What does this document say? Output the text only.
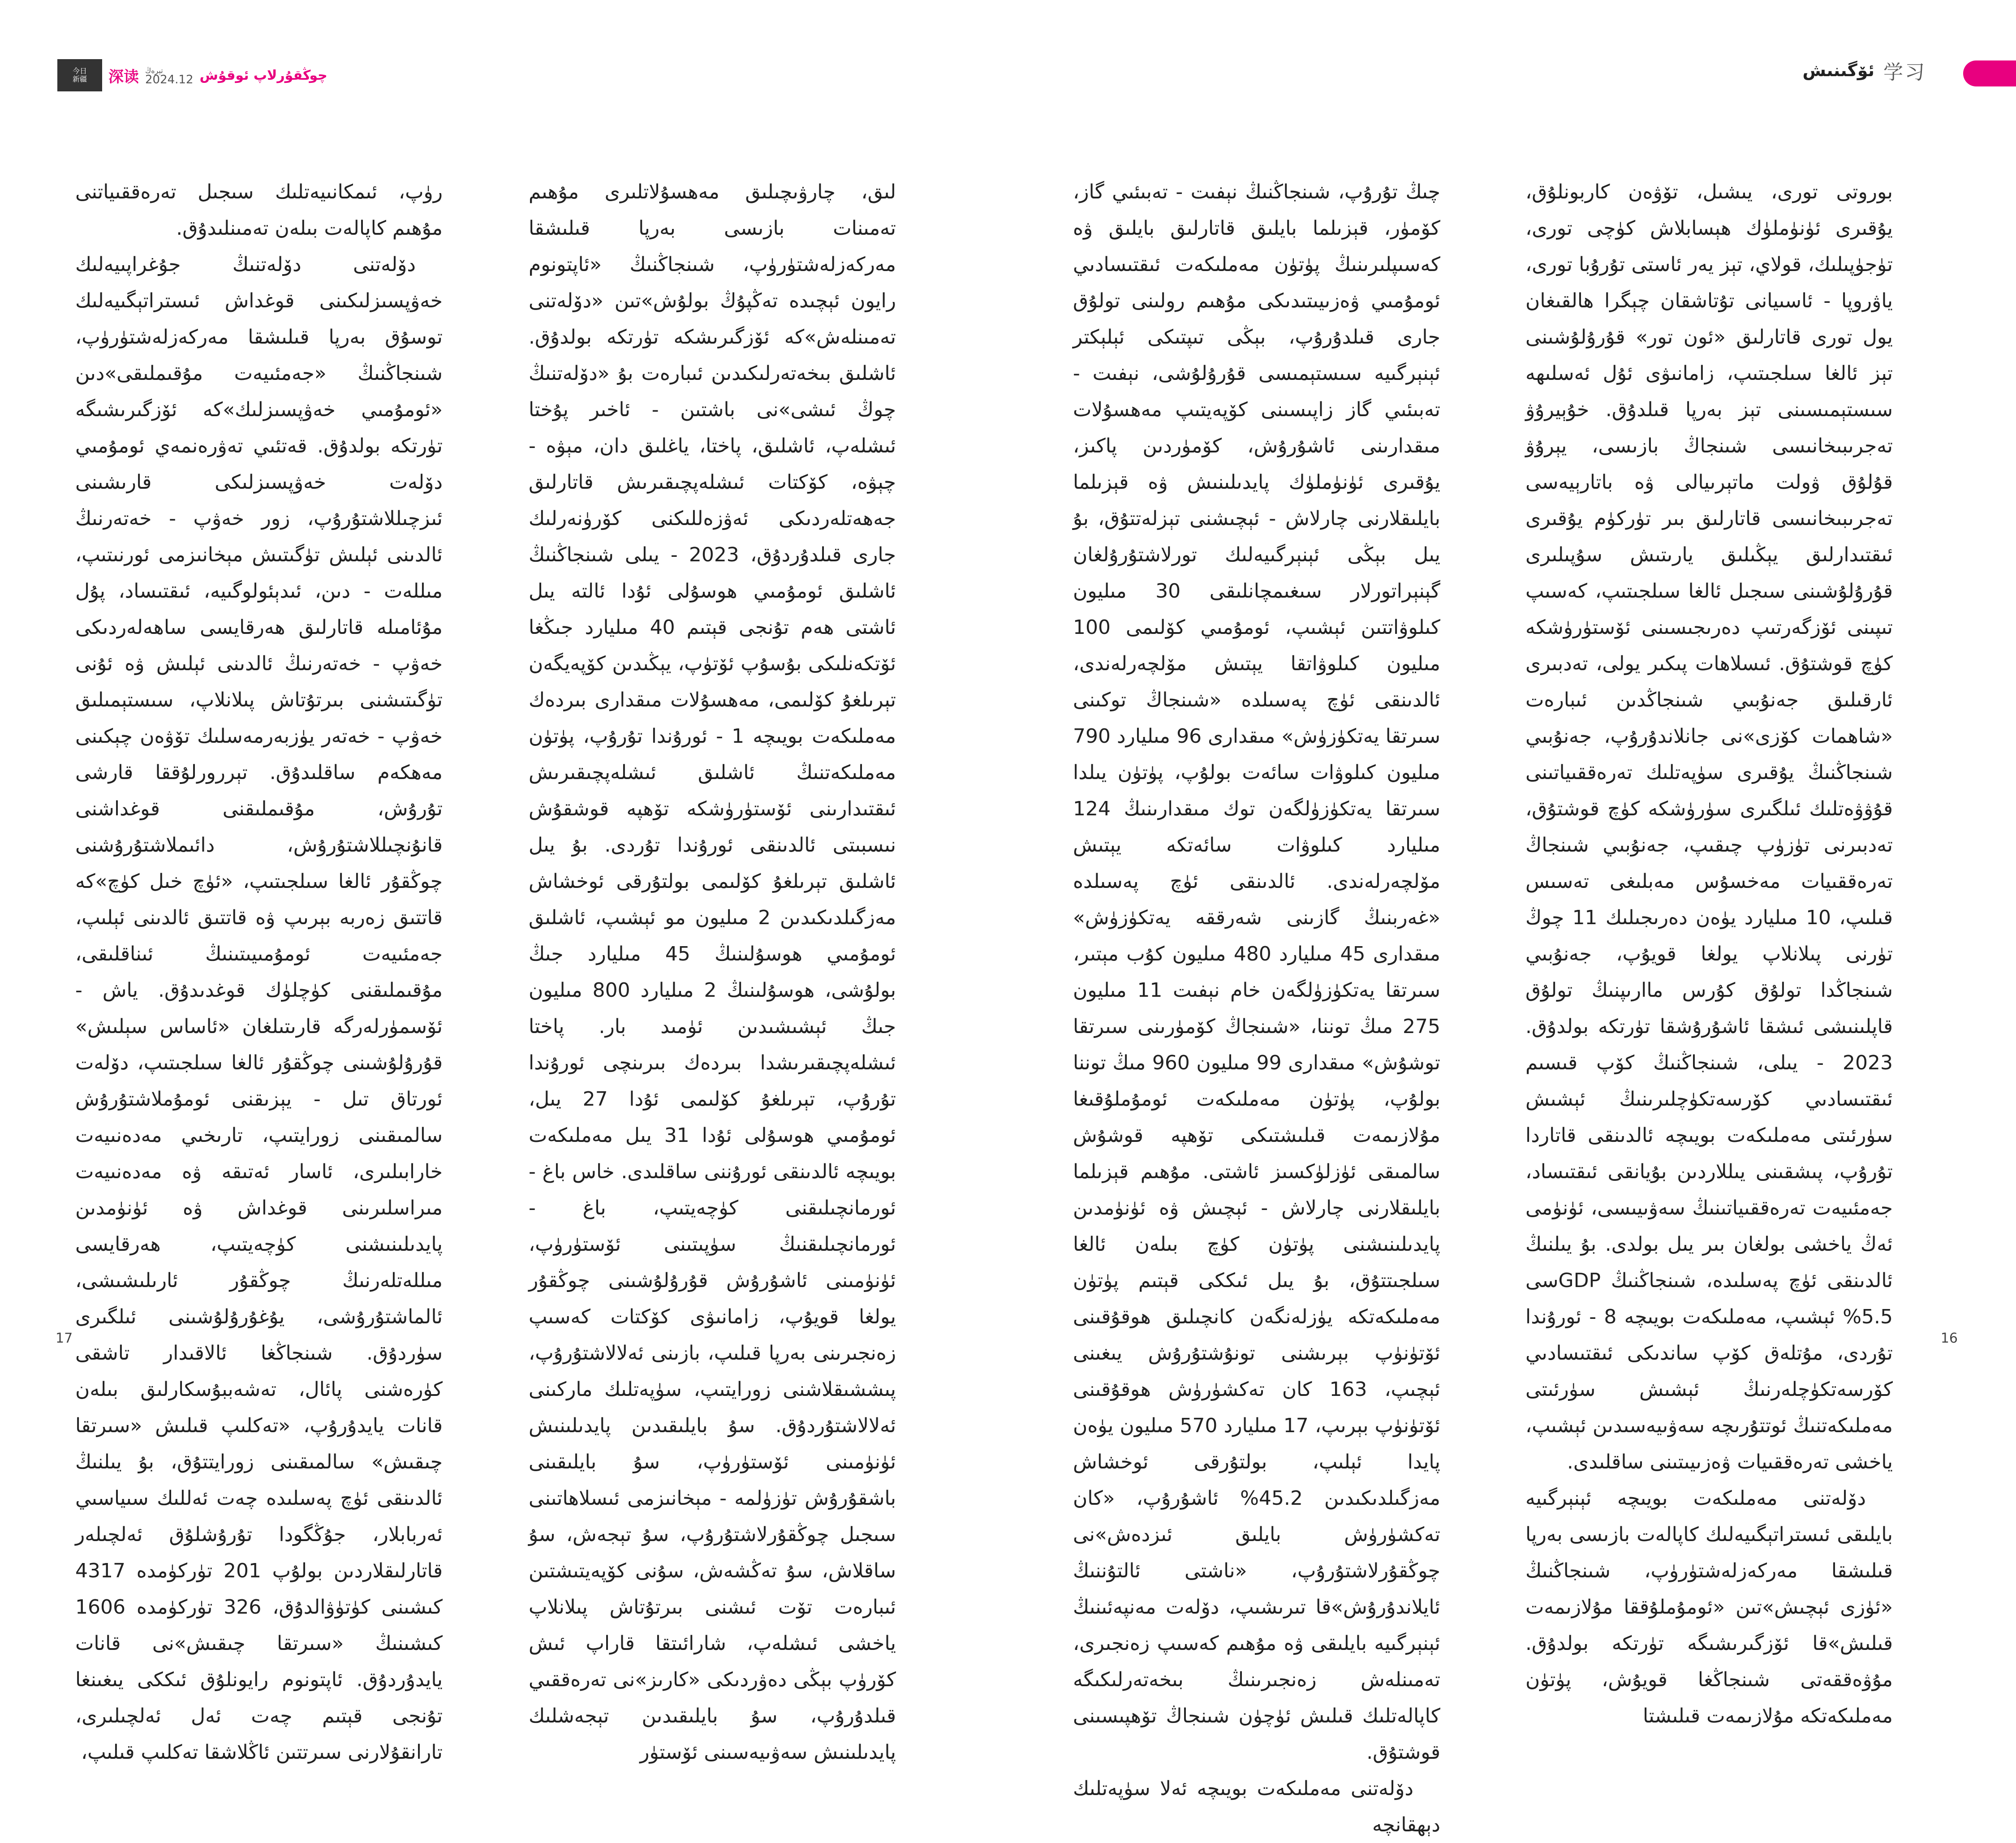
今日
新疆 深读 تېرەڭ
2024.12 چوڭقۇرلاپ ئوقۇش	ئۆگىنىش 学习

بوروتى تورى، يىشىل، تۆۋەن كاربونلۇق، يۇقىرى ئۈنۈملۈك ھېسابلاش كۈچى تورى، تۈجۈپىلىك، قولاي، تېز يەر ئاستى تۇرۇبا تورى، ياۋروپا - ئاسىيانى تۇتاشقان چېگرا ھالقىغان يول تورى قاتارلىق «ئون تور» قۇرۇلۇشىنى تېز ئالغا سىلجىتىپ، زامانىۋى ئۇل ئەسلىھە سىستېمىسىنى تېز بەرپا قىلدۇق. خۇېيرۇۋ تەجرىبىخانىسى شىنجاڭ بازىسى، يېرۇۋ قۇلۇق ۋولت ماتېرىيالى ۋە باتارېيەسى تەجرىبىخانىسى قاتارلىق بىر تۈركۈم يۇقىرى ئىقتىدارلىق يېڭىلىق يارىتىش سۇپىلىرى قۇرۇلۇشىنى سىجىل ئالغا سىلجىتىپ، كەسىپ تىپىنى ئۆزگەرتىپ دەرىجىسىنى ئۆستۈرۈشكە كۈچ قوشتۇق. ئىسلاھات پىكىر يولى، تەدبىرى ئارقىلىق جەنۇبىي شىنجاڭدىن ئىبارەت «شاھمات كۆزى»نى جانلاندۇرۇپ، جەنۇبىي شىنجاڭنىڭ يۇقىرى سۈپەتلىك تەرەققىياتىنى قۇۋۋەتلىك ئىلگىرى سۈرۈشكە كۈچ قوشتۇق، تەدبىرنى تۈزۈپ چىقىپ، جەنۇبىي شىنجاڭ تەرەققىيات مەخسۇس مەبلىغى تەسىس قىلىپ، 10 مىليارد يۈەن دەرىجىلىك 11 چوڭ تۈرنى پىلانلاپ يولغا قويۇپ، جەنۇبىي شىنجاڭدا تولۇق كۇرس ماارىپنىڭ تولۇق قاپلىنىشى ئىشقا ئاشۇرۇشقا تۈرتكە بولدۇق. 2023 - يىلى، شىنجاڭنىڭ كۆپ قىسىم ئىقتىسادىي كۆرسەتكۈچلىرىنىڭ ئېشىش سۈرئىتى مەملىكەت بويىچە ئالدىنقى قاتاردا تۇرۇپ، پىشقىنى يىللاردىن بۇيانقى ئىقتىساد، جەمئىيەت تەرەققىياتىنىڭ سەۋىيىسى، ئۈنۈمى ئەڭ ياخشى بولغان بىر يىل بولدى. بۇ يىلنىڭ ئالدىنقى ئۈچ پەسلىدە، شىنجاڭنىڭ GDPسى 5.5% ئېشىپ، مەملىكەت بويىچە 8 - ئورۇندا تۇردى، مۇتلەق كۆپ ساندىكى ئىقتىسادىي كۆرسەتكۈچلەرنىڭ ئېشىش سۈرئىتى مەملىكەتنىڭ ئوتتۇرىچە سەۋىيەسىدىن ئېشىپ، ياخشى تەرەققىيات ۋەزىيىتىنى ساقلىدى.

دۆلەتنى مەملىكەت بويىچە ئېنېرگىيە بايلىقى ئىستراتېگىيەلىك كاپالەت بازىسى بەرپا قىلىشقا مەركەزلەشتۈرۈپ، شىنجاڭنىڭ «ئۈزى ئېچىش»تىن «ئومۇملۇققا مۇلازىمەت قىلىش»قا ئۆزگىرىشىگە تۈرتكە بولدۇق. مۇۋەققەتى شىنجاڭغا قويۇش، پۈتۈن مەملىكەتكە مۇلازىمەت قىلىشتا

چىڭ تۇرۇپ، شىنجاڭنىڭ نېفىت - تەبىئىي گاز، كۆمۈر، قېزىلما بايلىق قاتارلىق بايلىق ۋە كەسىپلىرىنىڭ پۈتۈن مەملىكەت ئىقتىسادىي ئومۇمىي ۋەزىيىتىدىكى مۇھىم رولىنى تولۇق جارى قىلدۇرۇپ، بېڭى تىپتىكى ئېلېكتر ئېنېرگىيە سىستېمىسى قۇرۇلۇشى، نېفىت - تەبىئىي گاز زاپىسىنى كۆپەيتىپ مەھسۇلات مىقدارىنى ئاشۇرۇش، كۆمۈردىن پاكىز، يۇقىرى ئۈنۈملۈك پايدىلىنىش ۋە قېزىلما بايلىقلارنى چارلاش - ئېچىشنى تېزلەتتۇق، بۇ يىل بېڭى ئېنېرگىيەلىك تورلاشتۇرۇلغان گېنېراتورلار سىغىمچانلىقى 30 مىليون كىلوۋاتتىن ئېشىپ، ئومۇمىي كۆلىمى 100 مىليون كىلوۋاتقا يېتىش مۆلچەرلەندى، ئالدىنقى ئۈچ پەسىلدە «شىنجاڭ توكىنى سىرتقا يەتكۈزۈش» مىقدارى 96 مىليارد 790 مىليون كىلوۋات سائەت بولۇپ، پۈتۈن يىلدا سىرتقا يەتكۈزۈلگەن توك مىقدارىنىڭ 124 مىليارد كىلوۋات سائەتكە يېتىش مۆلچەرلەندى. ئالدىنقى ئۈچ پەسىلدە «غەربنىڭ گازىنى شەرققە يەتكۈزۈش» مىقدارى 45 مىليارد 480 مىليون كۇب مېتىر، سىرتقا يەتكۈزۈلگەن خام نېفىت 11 مىليون 275 مىڭ توننا، «شىنجاڭ كۆمۈرىنى سىرتقا توشۇش» مىقدارى 99 مىليون 960 مىڭ توننا بولۇپ، پۈتۈن مەملىكەت ئومۇملۇقىغا مۇلازىمەت قىلىشتىكى تۆھپە قوشۇش سالمىقى ئۈزلۈكسىز ئاشتى. مۇھىم قېزىلما بايلىقلارنى چارلاش - ئېچىش ۋە ئۈنۈمدىن پايدىلىنىشنى پۈتۈن كۈچ بىلەن ئالغا سىلجىتتۇق، بۇ يىل ئىككى قېتىم پۈتۈن مەملىكەتكە يۈزلەنگەن كانچىلىق ھوقۇقىنى ئۆتۈنۈپ بېرىشنى تونۇشتۇرۇش يىغىنى ئېچىپ، 163 كان تەكشۈرۈش ھوقۇقىنى ئۆتۈنۈپ بېرىپ، 17 مىليارد 570 مىليون يۈەن پايدا ئېلىپ، بولتۇرقى ئوخشاش مەزگىلدىكىدىن 45.2% ئاشۇرۇپ، «كان تەكشۈرۈش بايلىق ئىزدەش»نى چوڭقۇرلاشتۇرۇپ، «ناشتى ئالتۇننىڭ ئايلاندۇرۇش»قا تىرىشىپ، دۆلەت مەنپەئىنىڭ ئېنېرگىيە بايلىقى ۋە مۇھىم كەسىپ زەنجىرى، تەمىنلەش زەنجىرىنىڭ بىخەتەرلىكىگە كاپالەتلىك قىلىش ئۈچۈن شىنجاڭ تۆھپىسىنى قوشتۇق.

دۆلەتنى مەملىكەت بويىچە ئەلا سۈپەتلىك دېھقانچە

لىق، چارۋىچىلىق مەھسۇلاتلىرى مۇھىم تەمىنات بازىسى بەرپا قىلىشقا مەركەزلەشتۈرۈپ، شىنجاڭنىڭ «ئاپتونوم رايون ئېچىدە تەڭپۇڭ بولۇش»تىن «دۆلەتنى تەمىنلەش»كە ئۆزگىرىشكە تۈرتكە بولدۇق. ئاشلىق بىخەتەرلىكىدىن ئىبارەت بۇ «دۆلەتنىڭ چوڭ ئىشى»نى باشتىن - ئاخىر پۇختا ئىشلەپ، ئاشلىق، پاختا، ياغلىق دان، مېۋە - چېۋە، كۆكتات ئىشلەپچىقىرىش قاتارلىق جەھەتلەردىكى ئەۋزەللىكنى كۆرۈنەرلىك جارى قىلدۇردۇق، 2023 - يىلى شىنجاڭنىڭ ئاشلىق ئومۇمىي ھوسۇلى ئۇدا ئالتە يىل ئاشتى ھەم تۇنجى قېتىم 40 مىليارد جىڭغا ئۆتكەنلىكى بۇسۇپ ئۆتۈپ، يېڭىدىن كۆپەيگەن تېرىلغۇ كۆلىمى، مەھسۇلات مىقدارى بىردەك مەملىكەت بويىچە 1 - ئورۇندا تۇرۇپ، پۈتۈن مەملىكەتنىڭ ئاشلىق ئىشلەپچىقىرىش ئىقتىدارىنى ئۆستۈرۈشكە تۆھپە قوشقۇش نىسبىتى ئالدىنقى ئورۇندا تۇردى. بۇ يىل ئاشلىق تېرىلغۇ كۆلىمى بولتۇرقى ئوخشاش مەزگىلدىكىدىن 2 مىليون مو ئېشىپ، ئاشلىق ئومۇمىي ھوسۇلىنىڭ 45 مىليارد جىڭ بولۇشى، ھوسۇلىنىڭ 2 مىليارد 800 مىليون جىڭ ئېشىشىدىن ئۈمىد بار. پاختا ئىشلەپچىقىرىشدا بىردەك بىرىنچى ئورۇندا تۇرۇپ، تېرىلغۇ كۆلىمى ئۇدا 27 يىل، ئومۇمىي ھوسۇلى ئۇدا 31 يىل مەملىكەت بويىچە ئالدىنقى ئورۇننى ساقلىدى. خاس باغ - ئورمانچىلىقنى كۈچەيتىپ، باغ - ئورمانچىلىقنىڭ سۈپىتىنى ئۆستۈرۈپ، ئۈنۈمىنى ئاشۇرۇش قۇرۇلۇشىنى چوڭقۇر يولغا قويۇپ، زامانىۋى كۆكتات كەسىپ زەنجىرىنى بەرپا قىلىپ، بازىنى ئەلالاشتۇرۇپ، پىششىقلاشنى زورايتىپ، سۈپەتلىك ماركىنى ئەلالاشتۇردۇق. سۇ بايلىقىدىن پايدىلىنىش ئۈنۈمىنى ئۆستۈرۈپ، سۇ بايلىقىنى باشقۇرۇش تۈزۈلمە - مېخانىزمى ئىسلاھاتىنى سىجىل چوڭقۇرلاشتۇرۇپ، سۇ تېجەش، سۇ ساقلاش، سۇ تەڭشەش، سۇنى كۆپەيتىشتىن ئىبارەت تۆت ئىشنى بىرتۇتاش پىلانلاپ ياخشى ئىشلەپ، شارائىتقا قاراپ ئىش كۆرۈپ بېڭى دەۋردىكى «كارىز»نى تەرەققىي قىلدۇرۇپ، سۇ بايلىقىدىن تېجەشلىك پايدىلىنىش سەۋىيەسىنى ئۆستۈر

رۈپ، ئىمكانىيەتلىك سىجىل تەرەققىياتنى مۇھىم كاپالەت بىلەن تەمىنلىدۇق.

دۆلەتنى دۆلەتنىڭ جۇغراپىيەلىك خەۋپسىزلىكىنى قوغداش ئىستراتېگىيەلىك توسۇق بەرپا قىلىشقا مەركەزلەشتۈرۈپ، شىنجاڭنىڭ «جەمئىيەت مۇقىملىقى»دىن «ئومۇمىي خەۋپسىزلىك»كە ئۆزگىرىشىگە تۈرتكە بولدۇق. قەتئىي تەۋرەنمەي ئومۇمىي دۆلەت خەۋپسىزلىكى قارىشىنى ئىزچىللاشتۇرۇپ، زور خەۋپ - خەتەرنىڭ ئالدىنى ئېلىش تۈگىتىش مېخانىزمى ئورنىتىپ، مىللەت - دىن، ئىدېئولوگىيە، ئىقتىساد، پۇل مۇئامىلە قاتارلىق ھەرقايسى ساھەلەردىكى خەۋپ - خەتەرنىڭ ئالدىنى ئېلىش ۋە ئۇنى تۈگىتىشنى بىرتۇتاش پىلانلاپ، سىستېمىلىق خەۋپ - خەتەر يۈزبەرمەسلىك تۆۋەن چېكىنى مەھكەم ساقلىدۇق. تېررورلۇققا قارشى تۇرۇش، مۇقىملىقنى قوغداشنى قانۇنچىللاشتۇرۇش، دائىملاشتۇرۇشنى چوڭقۇر ئالغا سىلجىتىپ، «ئۈچ خىل كۈچ»كە قاتتىق زەربە بېرىپ ۋە قاتتىق ئالدىنى ئېلىپ، جەمئىيەت ئومۇمىيىتىنىڭ ئىناقلىقى، مۇقىملىقنى كۈچلۈك قوغدىدۇق. ياش - ئۆسمۈرلەرگە قارىتىلغان «ئاساس سېلىش» قۇرۇلۇشىنى چوڭقۇر ئالغا سىلجىتىپ، دۆلەت ئورتاق تىل - يېزىقنى ئومۇملاشتۇرۇش سالمىقىنى زورايتىپ، تارىخىي مەدەنىيەت خارابىلىرى، ئاسار ئەتىقە ۋە مەدەنىيەت مىراسلىرىنى قوغداش ۋە ئۈنۈمدىن پايدىلىنىشنى كۈچەيتىپ، ھەرقايسى مىللەتلەرنىڭ چوڭقۇر ئارىلىشىشى، ئالماشتۇرۇشى، يۇغۇرۇلۇشىنى ئىلگىرى سۈردۇق. شىنجاڭغا ئالاقىدار تاشقى كۈرەشنى پائال، تەشەببۇسكارلىق بىلەن قانات يايدۇرۇپ، «تەكلىپ قىلىش «سىرتقا چىقىش» سالمىقىنى زورايتتۇق، بۇ يىلنىڭ ئالدىنقى ئۈچ پەسلىدە چەت ئەللىك سىياسىي ئەربابلار، جۇڭگودا تۇرۇشلۇق ئەلچىلەر قاتارلىقلاردىن بولۇپ 201 تۈركۈمدە 4317 كىشىنى كۈتۈۋالدۇق، 326 تۈركۈمدە 1606 كىشىنىڭ «سىرتقا چىقىش»نى قانات يايدۇردۇق. ئاپتونوم رايونلۇق ئىككى يىغىنغا تۇنجى قېتىم چەت ئەل ئەلچىلىرى، تارانقۇلارنى سىرتتىن ئاڭلاشقا تەكلىپ قىلىپ،

17	16
